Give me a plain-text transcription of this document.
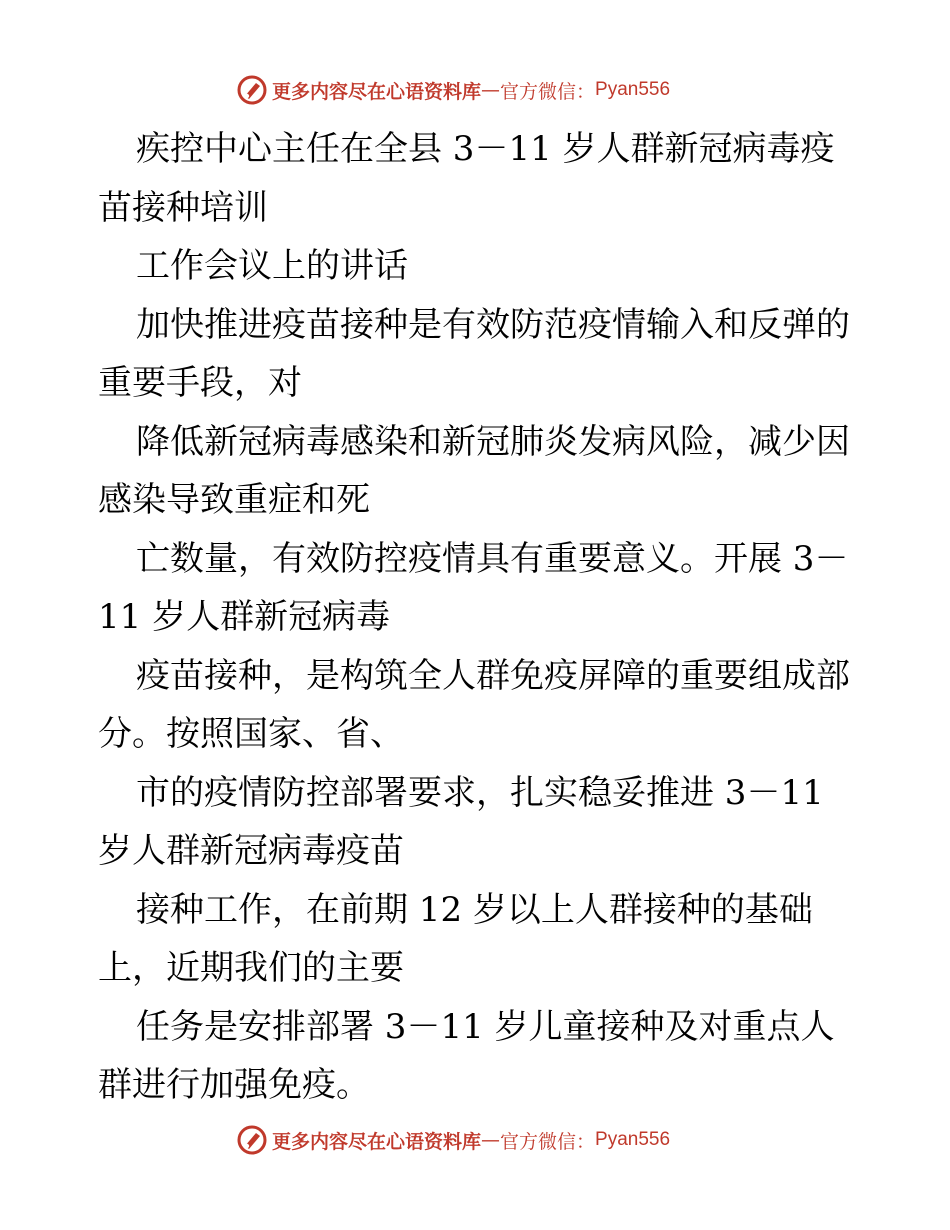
更多内容尽在心语资料库 — 官方微信： Pyan556
疾控中心主任在全县 3－11 岁人群新冠病毒疫
苗接种培训
工作会议上的讲话
加快推进疫苗接种是有效防范疫情输入和反弹的
重要手段，对
降低新冠病毒感染和新冠肺炎发病风险，减少因
感染导致重症和死
亡数量，有效防控疫情具有重要意义。开展 3－
11 岁人群新冠病毒
疫苗接种，是构筑全人群免疫屏障的重要组成部
分。按照国家、省、
市的疫情防控部署要求，扎实稳妥推进 3－11
岁人群新冠病毒疫苗
接种工作，在前期 12 岁以上人群接种的基础
上，近期我们的主要
任务是安排部署 3－11 岁儿童接种及对重点人
群进行加强免疫。
更多内容尽在心语资料库 — 官方微信： Pyan556
